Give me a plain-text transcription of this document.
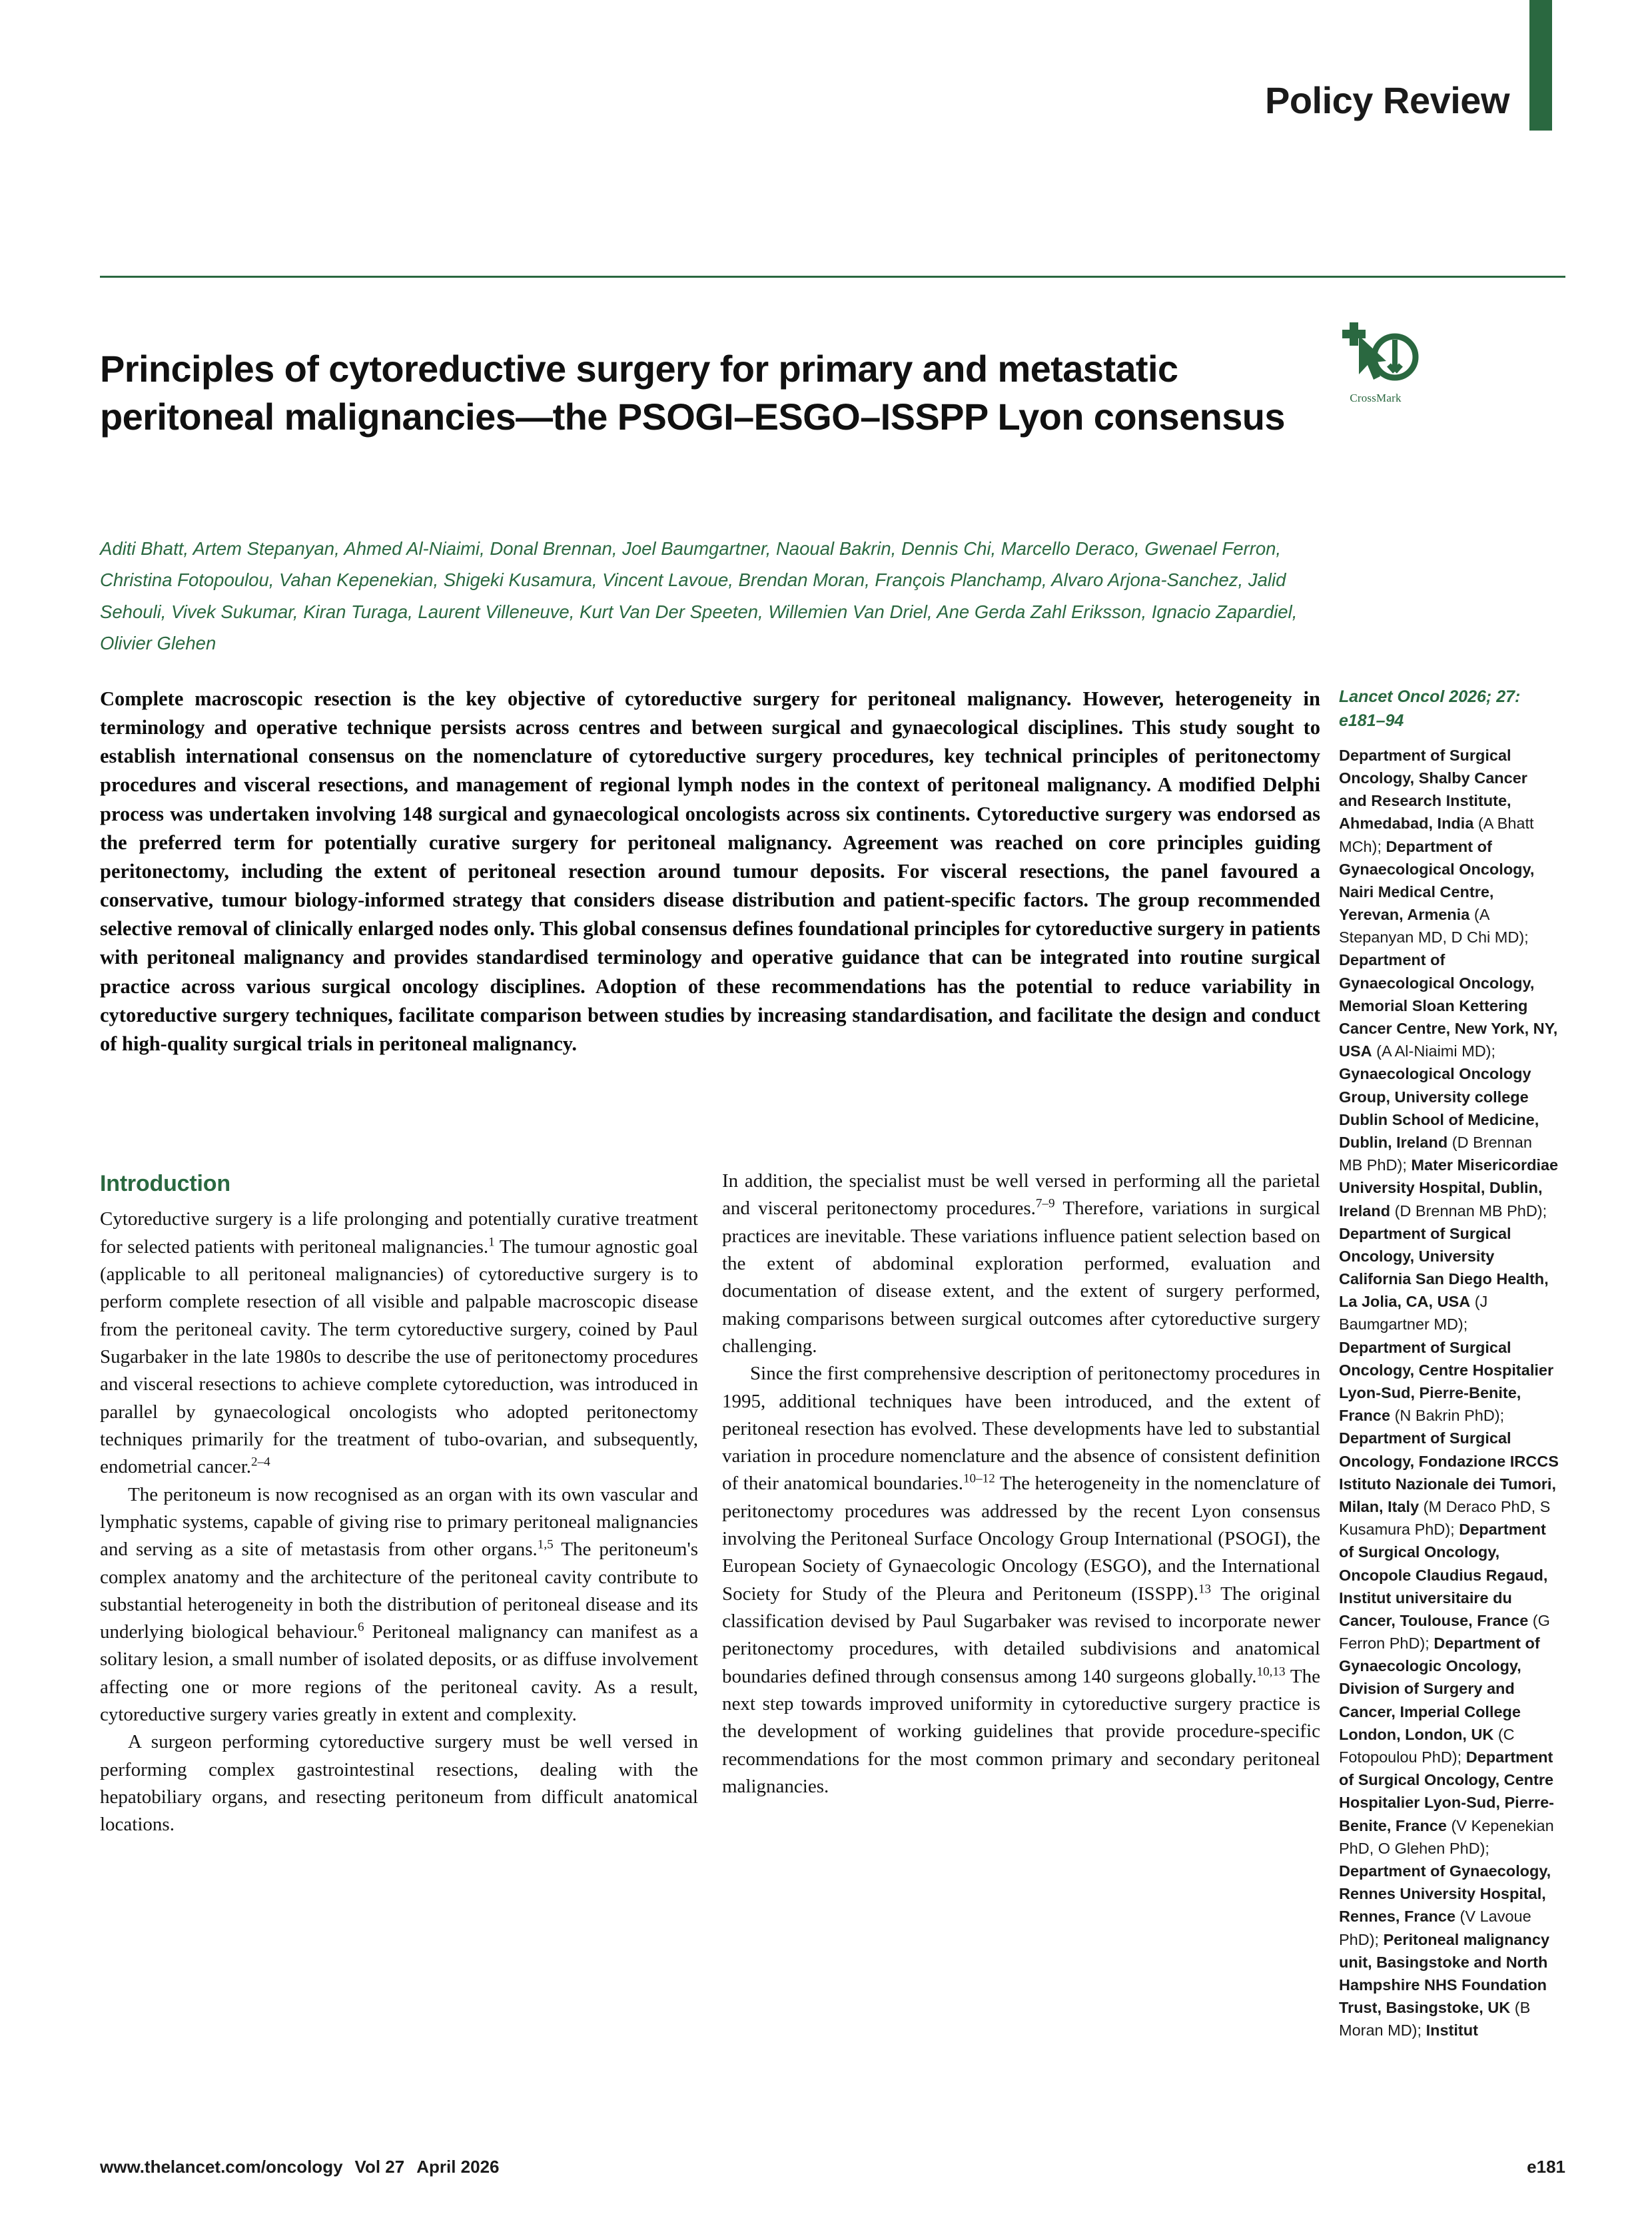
Policy Review
Principles of cytoreductive surgery for primary and metastatic peritoneal malignancies—the PSOGI–ESGO–ISSPP Lyon consensus	CrossMark
Aditi Bhatt, Artem Stepanyan, Ahmed Al-Niaimi, Donal Brennan, Joel Baumgartner, Naoual Bakrin, Dennis Chi, Marcello Deraco, Gwenael Ferron, Christina Fotopoulou, Vahan Kepenekian, Shigeki Kusamura, Vincent Lavoue, Brendan Moran, François Planchamp, Alvaro Arjona-Sanchez, Jalid Sehouli, Vivek Sukumar, Kiran Turaga, Laurent Villeneuve, Kurt Van Der Speeten, Willemien Van Driel, Ane Gerda Zahl Eriksson, Ignacio Zapardiel, Olivier Glehen
Complete macroscopic resection is the key objective of cytoreductive surgery for peritoneal malignancy. However, heterogeneity in terminology and operative technique persists across centres and between surgical and gynaecological disciplines. This study sought to establish international consensus on the nomenclature of cytoreductive surgery procedures, key technical principles of peritonectomy procedures and visceral resections, and management of regional lymph nodes in the context of peritoneal malignancy. A modified Delphi process was undertaken involving 148 surgical and gynaecological oncologists across six continents. Cytoreductive surgery was endorsed as the preferred term for potentially curative surgery for peritoneal malignancy. Agreement was reached on core principles guiding peritonectomy, including the extent of peritoneal resection around tumour deposits. For visceral resections, the panel favoured a conservative, tumour biology-informed strategy that considers disease distribution and patient-specific factors. The group recommended selective removal of clinically enlarged nodes only. This global consensus defines foundational principles for cytoreductive surgery in patients with peritoneal malignancy and provides standardised terminology and operative guidance that can be integrated into routine surgical practice across various surgical oncology disciplines. Adoption of these recommendations has the potential to reduce variability in cytoreductive surgery techniques, facilitate comparison between studies by increasing standardisation, and facilitate the design and conduct of high-quality surgical trials in peritoneal malignancy.
Introduction

Cytoreductive surgery is a life prolonging and potentially curative treatment for selected patients with peritoneal malignancies.$^1$ The tumour agnostic goal (applicable to all peritoneal malignancies) of cytoreductive surgery is to perform complete resection of all visible and palpable macroscopic disease from the peritoneal cavity. The term cytoreductive surgery, coined by Paul Sugarbaker in the late 1980s to describe the use of peritonectomy procedures and visceral resections to achieve complete cytoreduction, was introduced in parallel by gynaecological oncologists who adopted peritonectomy techniques primarily for the treatment of tubo-ovarian, and subsequently, endometrial cancer.$^{2-4}$

The peritoneum is now recognised as an organ with its own vascular and lymphatic systems, capable of giving rise to primary peritoneal malignancies and serving as a site of metastasis from other organs.$^{1,5}$ The peritoneum's complex anatomy and the architecture of the peritoneal cavity contribute to substantial heterogeneity in both the distribution of peritoneal disease and its underlying biological behaviour.$^6$ Peritoneal malignancy can manifest as a solitary lesion, a small number of isolated deposits, or as diffuse involvement affecting one or more regions of the peritoneal cavity. As a result, cytoreductive surgery varies greatly in extent and complexity.

A surgeon performing cytoreductive surgery must be well versed in performing complex gastrointestinal resections, dealing with the hepatobiliary organs, and resecting peritoneum from difficult anatomical locations.

In addition, the specialist must be well versed in performing all the parietal and visceral peritonectomy procedures.$^{7-9}$ Therefore, variations in surgical practices are inevitable. These variations influence patient selection based on the extent of abdominal exploration performed, evaluation and documentation of disease extent, and the extent of surgery performed, making comparisons between surgical outcomes after cytoreductive surgery challenging.

Since the first comprehensive description of peritonectomy procedures in 1995, additional techniques have been introduced, and the extent of peritoneal resection has evolved. These developments have led to substantial variation in procedure nomenclature and the absence of consistent definition of their anatomical boundaries.$^{10-12}$ The heterogeneity in the nomenclature of peritonectomy procedures was addressed by the recent Lyon consensus involving the Peritoneal Surface Oncology Group International (PSOGI), the European Society of Gynaecologic Oncology (ESGO), and the International Society for Study of the Pleura and Peritoneum (ISSPP).$^{13}$ The original classification devised by Paul Sugarbaker was revised to incorporate newer peritonectomy procedures, with detailed subdivisions and anatomical boundaries defined through consensus among 140 surgeons globally.$^{10,13}$ The next step towards improved uniformity in cytoreductive surgery practice is the development of working guidelines that provide procedure-specific recommendations for the most common primary and secondary peritoneal malignancies.

Lancet Oncol 2026; 27: e181–94
Department of Surgical Oncology, Shalby Cancer and Research Institute, Ahmedabad, India (A Bhatt MCh); Department of Gynaecological Oncology, Nairi Medical Centre, Yerevan, Armenia (A Stepanyan MD, D Chi MD); Department of Gynaecological Oncology, Memorial Sloan Kettering Cancer Centre, New York, NY, USA (A Al-Niaimi MD); Gynaecological Oncology Group, University college Dublin School of Medicine, Dublin, Ireland (D Brennan MB PhD); Mater Misericordiae University Hospital, Dublin, Ireland (D Brennan MB PhD); Department of Surgical Oncology, University California San Diego Health, La Jolia, CA, USA (J Baumgartner MD); Department of Surgical Oncology, Centre Hospitalier Lyon-Sud, Pierre-Benite, France (N Bakrin PhD); Department of Surgical Oncology, Fondazione IRCCS Istituto Nazionale dei Tumori, Milan, Italy (M Deraco PhD, S Kusamura PhD); Department of Surgical Oncology, Oncopole Claudius Regaud, Institut universitaire du Cancer, Toulouse, France (G Ferron PhD); Department of Gynaecologic Oncology, Division of Surgery and Cancer, Imperial College London, London, UK (C Fotopoulou PhD); Department of Surgical Oncology, Centre Hospitalier Lyon-Sud, Pierre-Benite, France (V Kepenekian PhD, O Glehen PhD); Department of Gynaecology, Rennes University Hospital, Rennes, France (V Lavoue PhD); Peritoneal malignancy unit, Basingstoke and North Hampshire NHS Foundation Trust, Basingstoke, UK (B Moran MD); Institut
www.thelancet.com/oncology Vol 27 April 2026	e181
